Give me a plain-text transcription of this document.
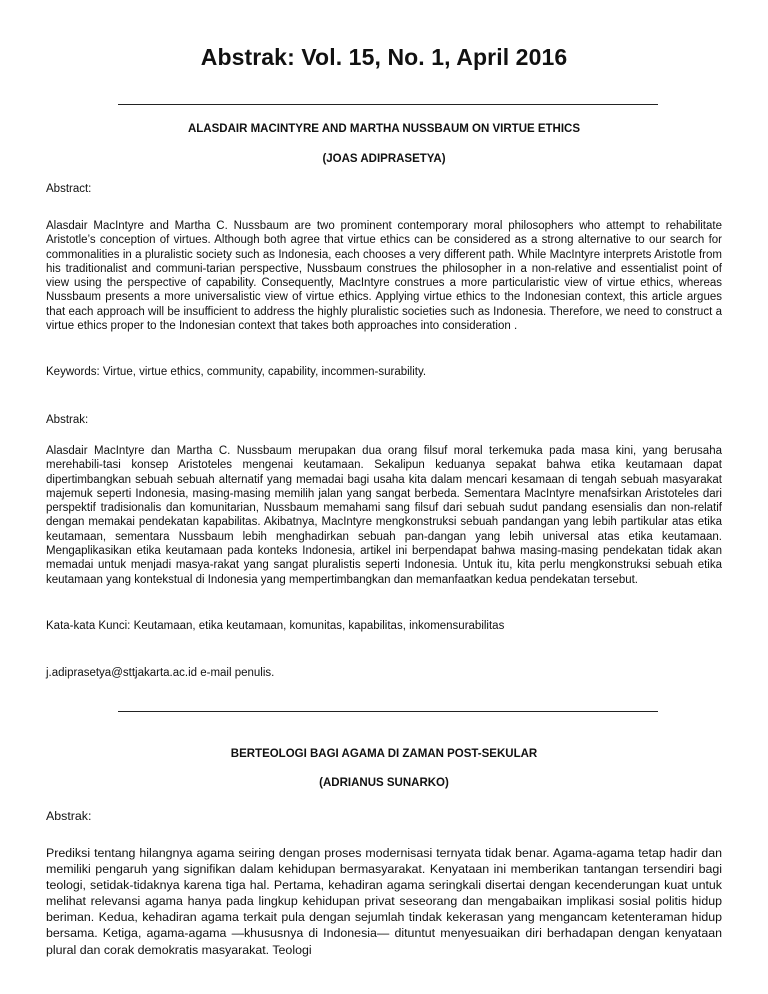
Abstrak: Vol. 15, No. 1, April 2016

ALASDAIR MACINTYRE AND MARTHA NUSSBAUM ON VIRTUE ETHICS

(JOAS ADIPRASETYA)

Abstract:

Alasdair MacIntyre and Martha C. Nussbaum are two prominent contemporary moral philosophers who attempt to rehabilitate Aristotle’s conception of virtues. Although both agree that virtue ethics can be considered as a strong alternative to our search for commonalities in a pluralistic society such as Indonesia, each chooses a very different path. While MacIntyre interprets Aristotle from his traditionalist and communi-tarian perspective, Nussbaum construes the philosopher in a non-relative and essentialist point of view using the perspective of capability. Consequently, MacIntyre construes a more particularistic view of virtue ethics, whereas Nussbaum presents a more universalistic view of virtue ethics. Applying virtue ethics to the Indonesian context, this article argues that each approach will be insufficient to address the highly pluralistic societies such as Indonesia. Therefore, we need to construct a virtue ethics proper to the Indonesian context that takes both approaches into consideration .

Keywords: Virtue, virtue ethics, community, capability, incommen-surability.

Abstrak:

Alasdair MacIntyre dan Martha C. Nussbaum merupakan dua orang filsuf moral terkemuka pada masa kini, yang berusaha merehabili-tasi konsep Aristoteles mengenai keutamaan. Sekalipun keduanya sepakat bahwa etika keutamaan dapat dipertimbangkan sebuah sebuah alternatif yang memadai bagi usaha kita dalam mencari kesamaan di tengah sebuah masyarakat majemuk seperti Indonesia, masing-masing memilih jalan yang sangat berbeda. Sementara MacIntyre menafsirkan Aristoteles dari perspektif tradisionalis dan komunitarian, Nussbaum memahami sang filsuf dari sebuah sudut pandang esensialis dan non-relatif dengan memakai pendekatan kapabilitas. Akibatnya, MacIntyre mengkonstruksi sebuah pandangan yang lebih partikular atas etika keutamaan, sementara Nussbaum lebih menghadirkan sebuah pan-dangan yang lebih universal atas etika keutamaan. Mengaplikasikan etika keutamaan pada konteks Indonesia, artikel ini berpendapat bahwa masing-masing pendekatan tidak akan memadai untuk menjadi masya-rakat yang sangat pluralistis seperti Indonesia. Untuk itu, kita perlu mengkonstruksi sebuah etika keutamaan yang kontekstual di Indonesia yang mempertimbangkan dan memanfaatkan kedua pendekatan tersebut.

Kata-kata Kunci: Keutamaan, etika keutamaan, komunitas, kapabilitas, inkomensurabilitas

j.adiprasetya@sttjakarta.ac.id e-mail penulis.

BERTEOLOGI BAGI AGAMA DI ZAMAN POST-SEKULAR

(ADRIANUS SUNARKO)

Abstrak:

Prediksi tentang hilangnya agama seiring dengan proses modernisasi ternyata tidak benar. Agama-agama tetap hadir dan memiliki pengaruh yang signifikan dalam kehidupan bermasyarakat. Kenyataan ini memberikan tantangan tersendiri bagi teologi, setidak-tidaknya karena tiga hal. Pertama, kehadiran agama seringkali disertai dengan kecenderungan kuat untuk melihat relevansi agama hanya pada lingkup kehidupan privat seseorang dan mengabaikan implikasi sosial politis hidup beriman. Kedua, kehadiran agama terkait pula dengan sejumlah tindak kekerasan yang mengancam ketenteraman hidup bersama. Ketiga, agama-agama —khususnya di Indonesia— dituntut menyesuaikan diri berhadapan dengan kenyataan plural dan corak demokratis masyarakat. Teologi
